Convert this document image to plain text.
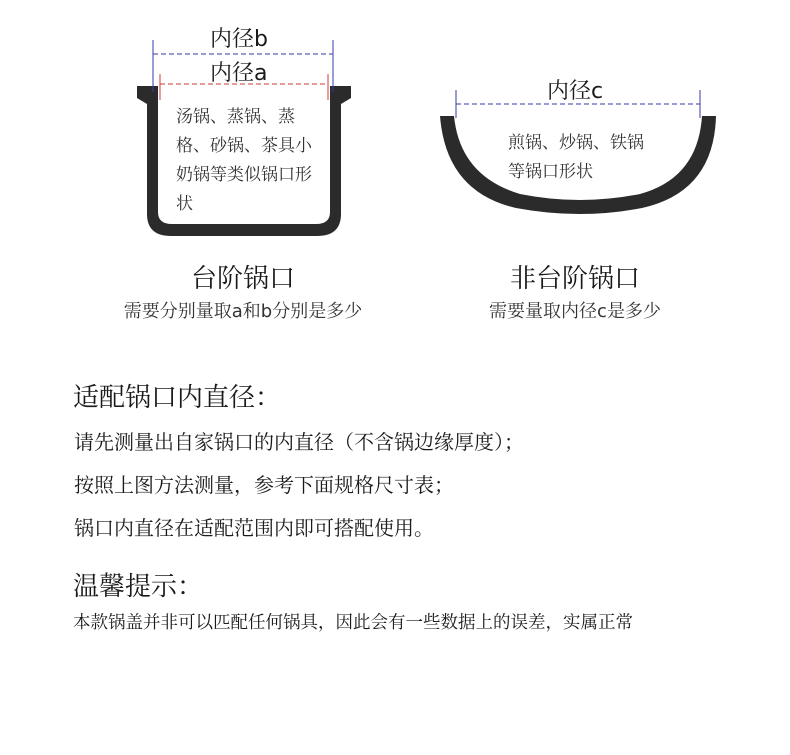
内径b
内径a
汤锅、蒸锅、蒸格、砂锅、茶具小奶锅等类似锅口形状
台阶锅口
需要分别量取a和b分别是多少
内径c
煎锅、炒锅、铁锅等锅口形状
非台阶锅口
需要量取内径c是多少
适配锅口内直径：
请先测量出自家锅口的内直径（不含锅边缘厚度）；
按照上图方法测量，参考下面规格尺寸表；
锅口内直径在适配范围内即可搭配使用。
温馨提示：
本款锅盖并非可以匹配任何锅具，因此会有一些数据上的误差，实属正常
